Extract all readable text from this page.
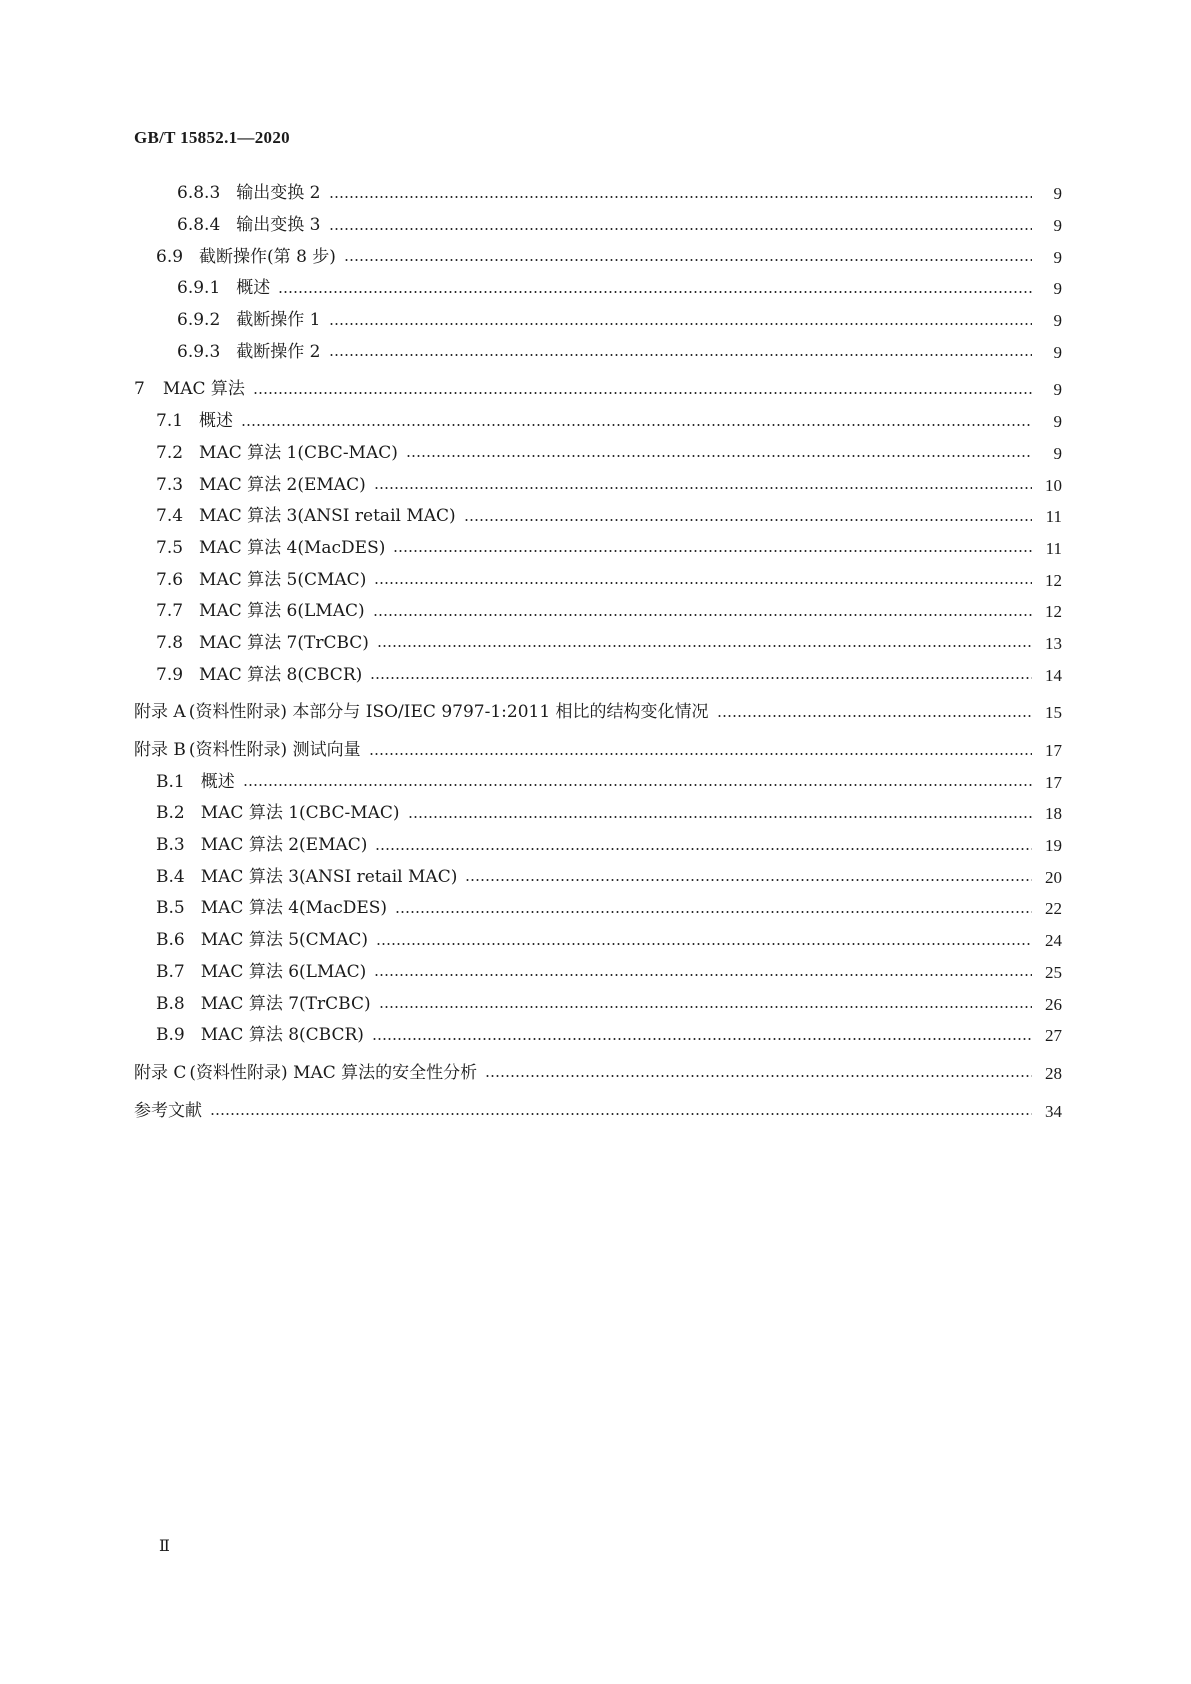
GB/T 15852.1—2020
6.8.3 输出变换 2	9
6.8.4 输出变换 3	9
6.9 截断操作(第 8 步)	9
6.9.1 概述	9
6.9.2 截断操作 1	9
6.9.3 截断操作 2	9
7 MAC 算法	9
7.1 概述	9
7.2 MAC 算法 1(CBC-MAC)	9
7.3 MAC 算法 2(EMAC)	10
7.4 MAC 算法 3(ANSI retail MAC)	11
7.5 MAC 算法 4(MacDES)	11
7.6 MAC 算法 5(CMAC)	12
7.7 MAC 算法 6(LMAC)	12
7.8 MAC 算法 7(TrCBC)	13
7.9 MAC 算法 8(CBCR)	14
附录 A (资料性附录) 本部分与 ISO/IEC 9797-1:2011 相比的结构变化情况	15
附录 B (资料性附录) 测试向量	17
B.1 概述	17
B.2 MAC 算法 1(CBC-MAC)	18
B.3 MAC 算法 2(EMAC)	19
B.4 MAC 算法 3(ANSI retail MAC)	20
B.5 MAC 算法 4(MacDES)	22
B.6 MAC 算法 5(CMAC)	24
B.7 MAC 算法 6(LMAC)	25
B.8 MAC 算法 7(TrCBC)	26
B.9 MAC 算法 8(CBCR)	27
附录 C (资料性附录) MAC 算法的安全性分析	28
参考文献	34
Ⅱ
